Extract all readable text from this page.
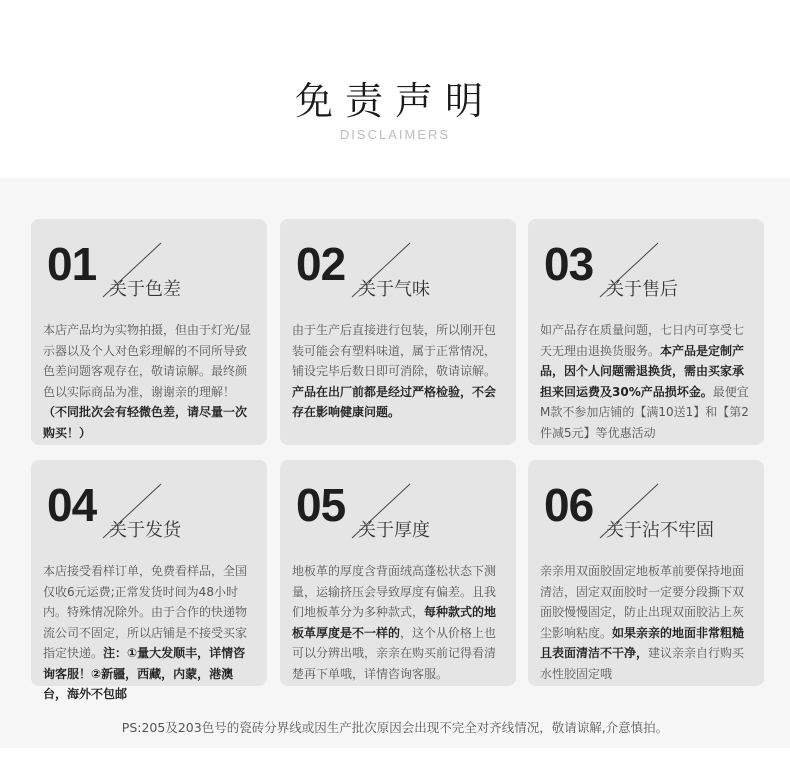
免责声明
DISCLAIMERS
01 关于色差
本店产品均为实物拍摄，但由于灯光/显示器以及个人对色彩理解的不同所导致色差问题客观存在，敬请谅解。最终颜色以实际商品为准，谢谢亲的理解！（不同批次会有轻微色差，请尽量一次购买！）
02 关于气味
由于生产后直接进行包装，所以刚开包装可能会有塑料味道，属于正常情况，铺设完毕后数日即可消除，敬请谅解。产品在出厂前都是经过严格检验，不会存在影响健康问题。
03 关于售后
如产品存在质量问题，七日内可享受七天无理由退换货服务。本产品是定制产品，因个人问题需退换货，需由买家承担来回运费及30%产品损坏金。最便宜M款不参加店铺的【满10送1】和【第2件减5元】等优惠活动
04 关于发货
本店接受看样订单，免费看样品，全国仅收6元运费;正常发货时间为48小时内。特殊情况除外。由于合作的快递物流公司不固定，所以店铺是不接受买家指定快递。注：①量大发顺丰，详情咨询客服！②新疆，西藏，内蒙，港澳台，海外不包邮
05 关于厚度
地板革的厚度含背面绒高蓬松状态下测量，运输挤压会导致厚度有偏差。且我们地板革分为多种款式，每种款式的地板革厚度是不一样的，这个从价格上也可以分辨出哦，亲亲在购买前记得看清楚再下单哦，详情咨询客服。
06 关于沾不牢固
亲亲用双面胶固定地板革前要保持地面清洁，固定双面胶时一定要分段撕下双面胶慢慢固定，防止出现双面胶沾上灰尘影响粘度。如果亲亲的地面非常粗糙且表面清洁不干净，建议亲亲自行购买水性胶固定哦
PS:205及203色号的瓷砖分界线或因生产批次原因会出现不完全对齐线情况，敬请谅解,介意慎拍。
